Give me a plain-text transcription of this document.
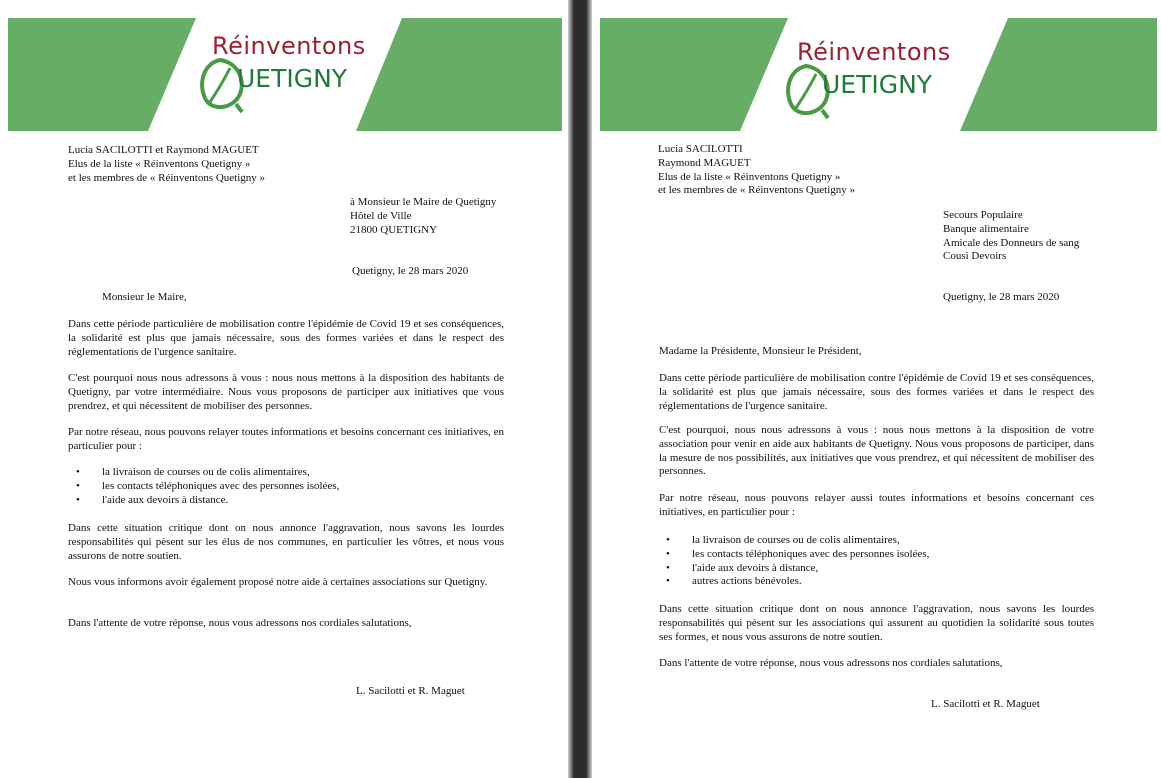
Réinventons
UETIGNY
Lucia SACILOTTI et Raymond MAGUET
Elus de la liste « Réinventons Quetigny »
et les membres de « Réinventons Quetigny »
à Monsieur le Maire de Quetigny
Hôtel de Ville
21800 QUETIGNY
Quetigny, le 28 mars 2020
Monsieur le Maire,
Dans cette période particulière de mobilisation contre l'épidémie de Covid 19 et ses conséquences, la solidarité est plus que jamais nécessaire, sous des formes variées et dans le respect des réglementations de l'urgence sanitaire.
C'est pourquoi nous nous adressons à vous : nous nous mettons à la disposition des habitants de Quetigny, par votre intermédiaire. Nous vous proposons de participer aux initiatives que vous prendrez, et qui nécessitent de mobiliser des personnes.
Par notre réseau, nous pouvons relayer toutes informations et besoins concernant ces initiatives, en particulier pour :
• la livraison de courses ou de colis alimentaires,
• les contacts téléphoniques avec des personnes isolées,
• l'aide aux devoirs à distance.
Dans cette situation critique dont on nous annonce l'aggravation, nous savons les lourdes responsabilités qui pèsent sur les élus de nos communes, en particulier les vôtres, et nous vous assurons de notre soutien.
Nous vous informons avoir également proposé notre aide à certaines associations sur Quetigny.
Dans l'attente de votre réponse, nous vous adressons nos cordiales salutations,
L. Sacilotti et R. Maguet
Réinventons
UETIGNY
Lucia SACILOTTI
Raymond MAGUET
Elus de la liste « Réinventons Quetigny »
et les membres de « Réinventons Quetigny »
Secours Populaire
Banque alimentaire
Amicale des Donneurs de sang
Cousi Devoirs
Quetigny, le 28 mars 2020
Madame la Présidente, Monsieur le Président,
Dans cette période particulière de mobilisation contre l'épidémie de Covid 19 et ses conséquences, la solidarité est plus que jamais nécessaire, sous des formes variées et dans le respect des réglementations de l'urgence sanitaire.
C'est pourquoi, nous nous adressons à vous : nous nous mettons à la disposition de votre association pour venir en aide aux habitants de Quetigny. Nous vous proposons de participer, dans la mesure de nos possibilités, aux initiatives que vous prendrez, et qui nécessitent de mobiliser des personnes.
Par notre réseau, nous pouvons relayer aussi toutes informations et besoins concernant ces initiatives, en particulier pour :
• la livraison de courses ou de colis alimentaires,
• les contacts téléphoniques avec des personnes isolées,
• l'aide aux devoirs à distance,
• autres actions bénévoles.
Dans cette situation critique dont on nous annonce l'aggravation, nous savons les lourdes responsabilités qui pèsent sur les associations qui assurent au quotidien la solidarité sous toutes ses formes, et nous vous assurons de notre soutien.
Dans l'attente de votre réponse, nous vous adressons nos cordiales salutations,
L. Sacilotti et R. Maguet
